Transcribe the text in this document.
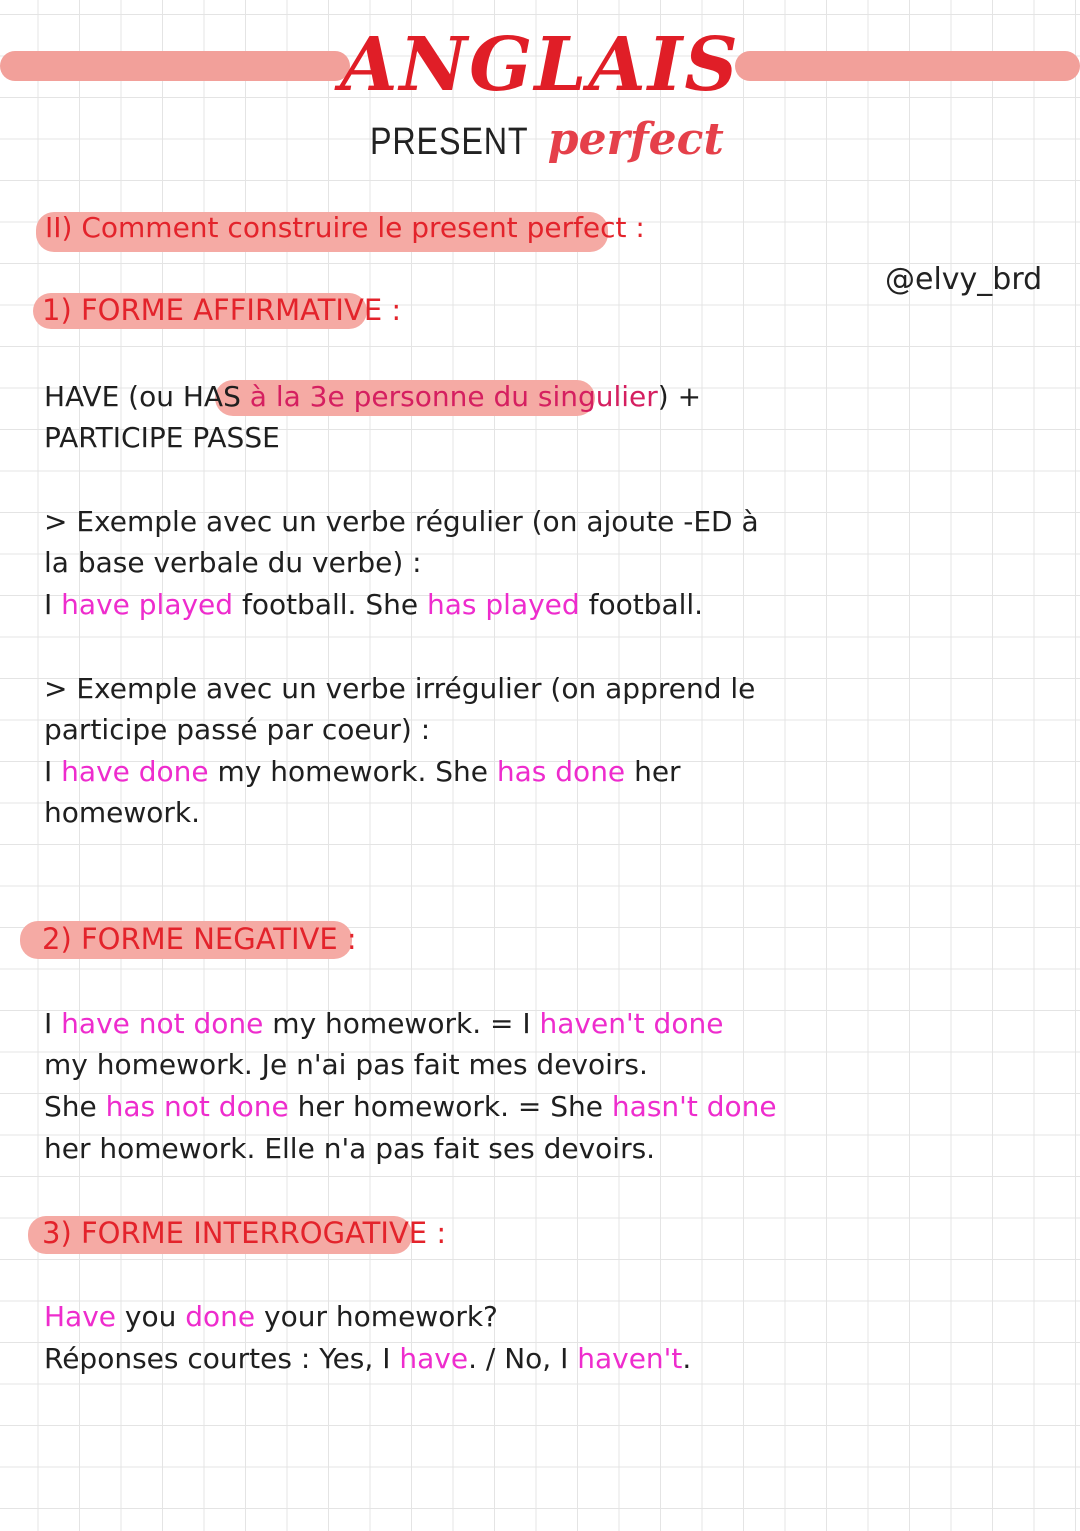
ANGLAIS
PRESENT perfect
@elvy_brd
II) Comment construire le present perfect :
1) FORME AFFIRMATIVE :
HAVE (ou HAS à la 3e personne du singulier) +
PARTICIPE PASSE
> Exemple avec un verbe régulier (on ajoute -ED à
la base verbale du verbe) :
I have played football. She has played football.
> Exemple avec un verbe irrégulier (on apprend le
participe passé par coeur) :
I have done my homework. She has done her
homework.
2) FORME NEGATIVE :
I have not done my homework. = I haven't done
my homework. Je n'ai pas fait mes devoirs.
She has not done her homework. = She hasn't done
her homework. Elle n'a pas fait ses devoirs.
3) FORME INTERROGATIVE :
Have you done your homework?
Réponses courtes : Yes, I have. / No, I haven't.
